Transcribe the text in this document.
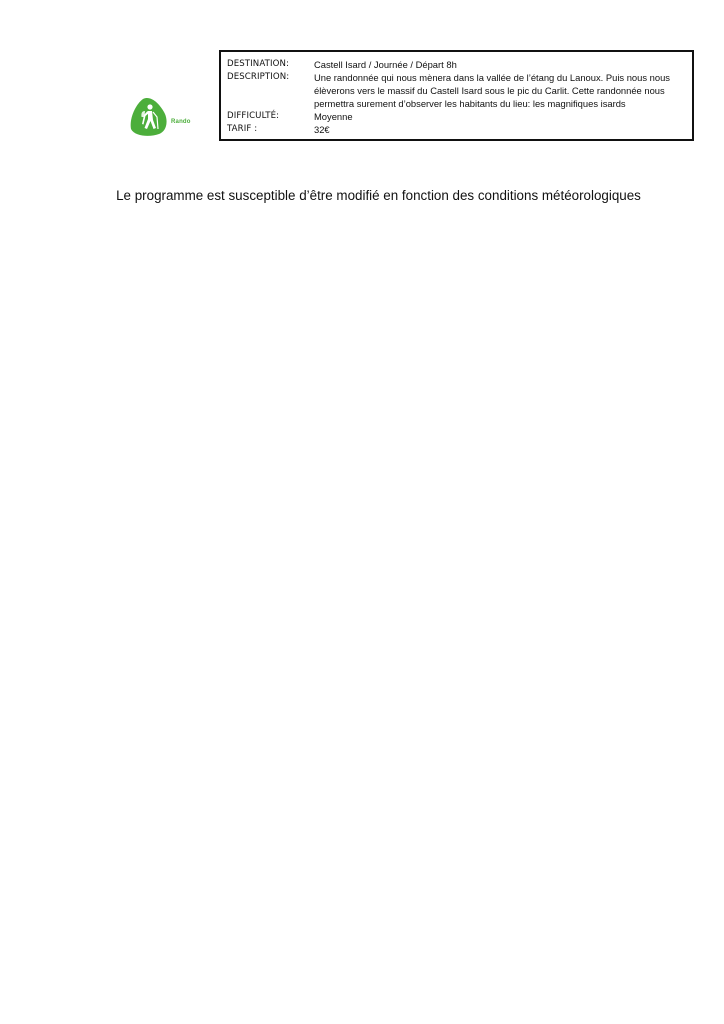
Rando
DESTINATION:	Castell Isard / Journée / Départ 8h
DESCRIPTION:	Une randonnée qui nous mènera dans la vallée de l’étang du Lanoux. Puis nous nous élèverons vers le massif du Castell Isard sous le pic du Carlit. Cette randonnée nous permettra surement d’observer les habitants du lieu: les magnifiques isards
DIFFICULTÉ:	Moyenne
TARIF :	32€
Le programme est susceptible d’être modifié en fonction des conditions météorologiques
